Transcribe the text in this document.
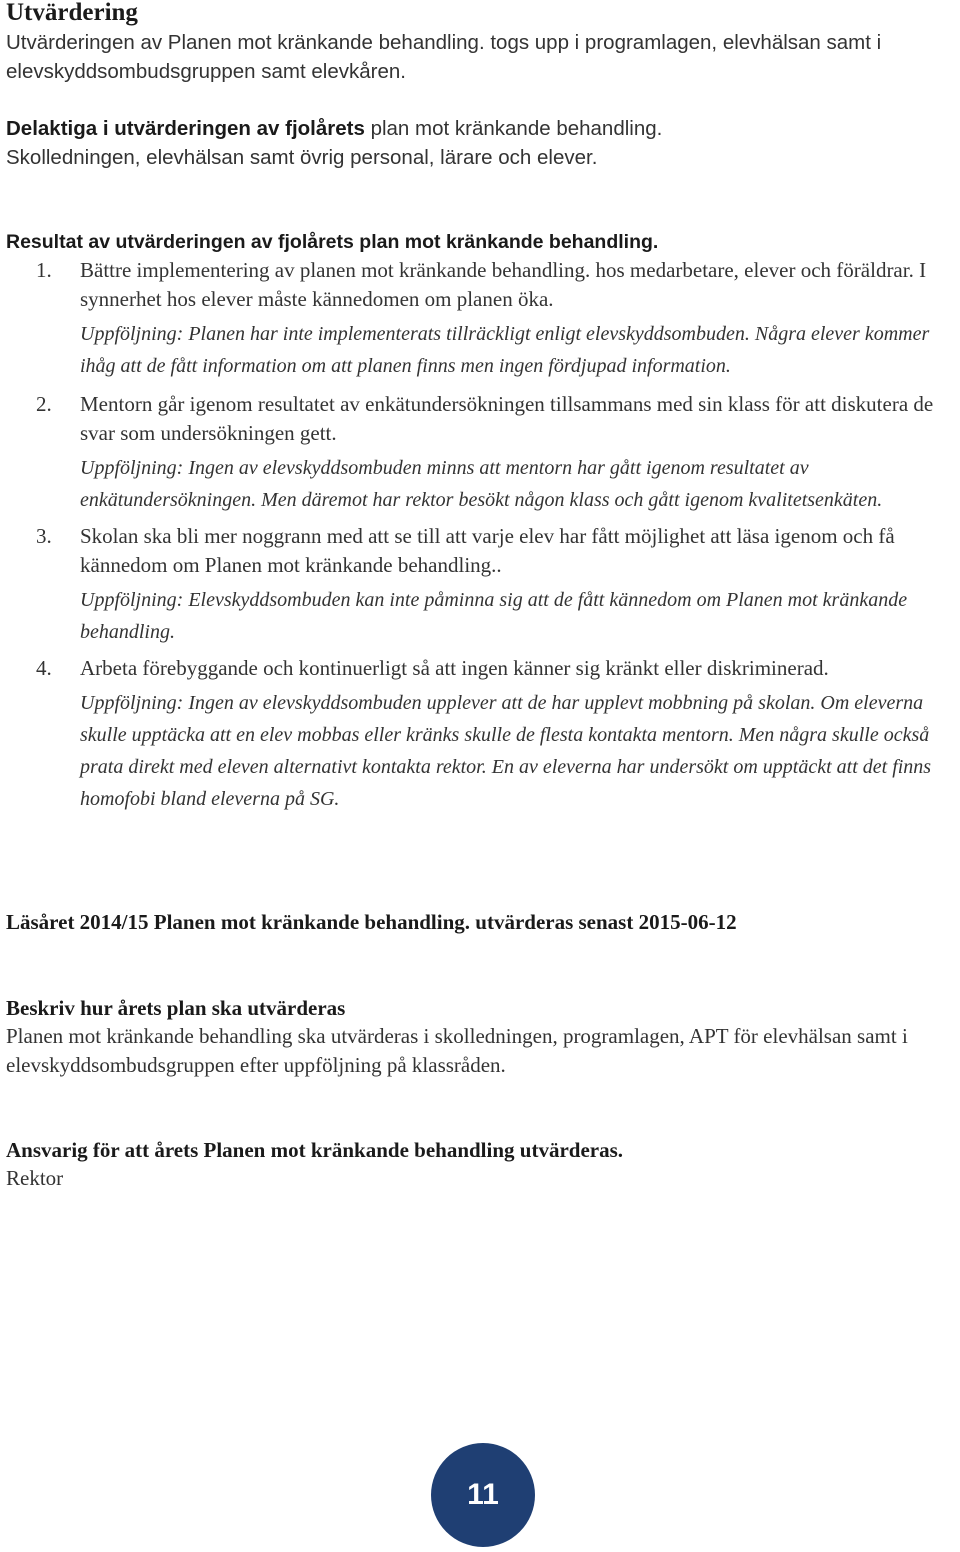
Utvärdering
Utvärderingen av Planen mot kränkande behandling. togs upp i programlagen, elevhälsan samt i elevskyddsombudsgruppen samt elevkåren.
Delaktiga i utvärderingen av fjolårets plan mot kränkande behandling.
Skolledningen, elevhälsan samt övrig personal, lärare och elever.
Resultat av utvärderingen av fjolårets plan mot kränkande behandling.
1. Bättre implementering av planen mot kränkande behandling. hos medarbetare, elever och föräldrar. I synnerhet hos elever måste kännedomen om planen öka.
Uppföljning: Planen har inte implementerats tillräckligt enligt elevskyddsombuden. Några elever kommer ihåg att de fått information om att planen finns men ingen fördjupad information.
2. Mentorn går igenom resultatet av enkätundersökningen tillsammans med sin klass för att diskutera de svar som undersökningen gett.
Uppföljning: Ingen av elevskyddsombuden minns att mentorn har gått igenom resultatet av enkätundersökningen. Men däremot har rektor besökt någon klass och gått igenom kvalitetsenkäten.
3. Skolan ska bli mer noggrann med att se till att varje elev har fått möjlighet att läsa igenom och få kännedom om Planen mot kränkande behandling..
Uppföljning: Elevskyddsombuden kan inte påminna sig att de fått kännedom om Planen mot kränkande behandling.
4. Arbeta förebyggande och kontinuerligt så att ingen känner sig kränkt eller diskriminerad.
Uppföljning: Ingen av elevskyddsombuden upplever att de har upplevt mobbning på skolan. Om eleverna skulle upptäcka att en elev mobbas eller kränks skulle de flesta kontakta mentorn. Men några skulle också prata direkt med eleven alternativt kontakta rektor. En av eleverna har undersökt om upptäckt att det finns homofobi bland eleverna på SG.
Läsåret 2014/15 Planen mot kränkande behandling. utvärderas senast 2015-06-12
Beskriv hur årets plan ska utvärderas
Planen mot kränkande behandling ska utvärderas i skolledningen, programlagen, APT för elevhälsan samt i elevskyddsombudsgruppen efter uppföljning på klassråden.
Ansvarig för att årets Planen mot kränkande behandling utvärderas.
Rektor
11
